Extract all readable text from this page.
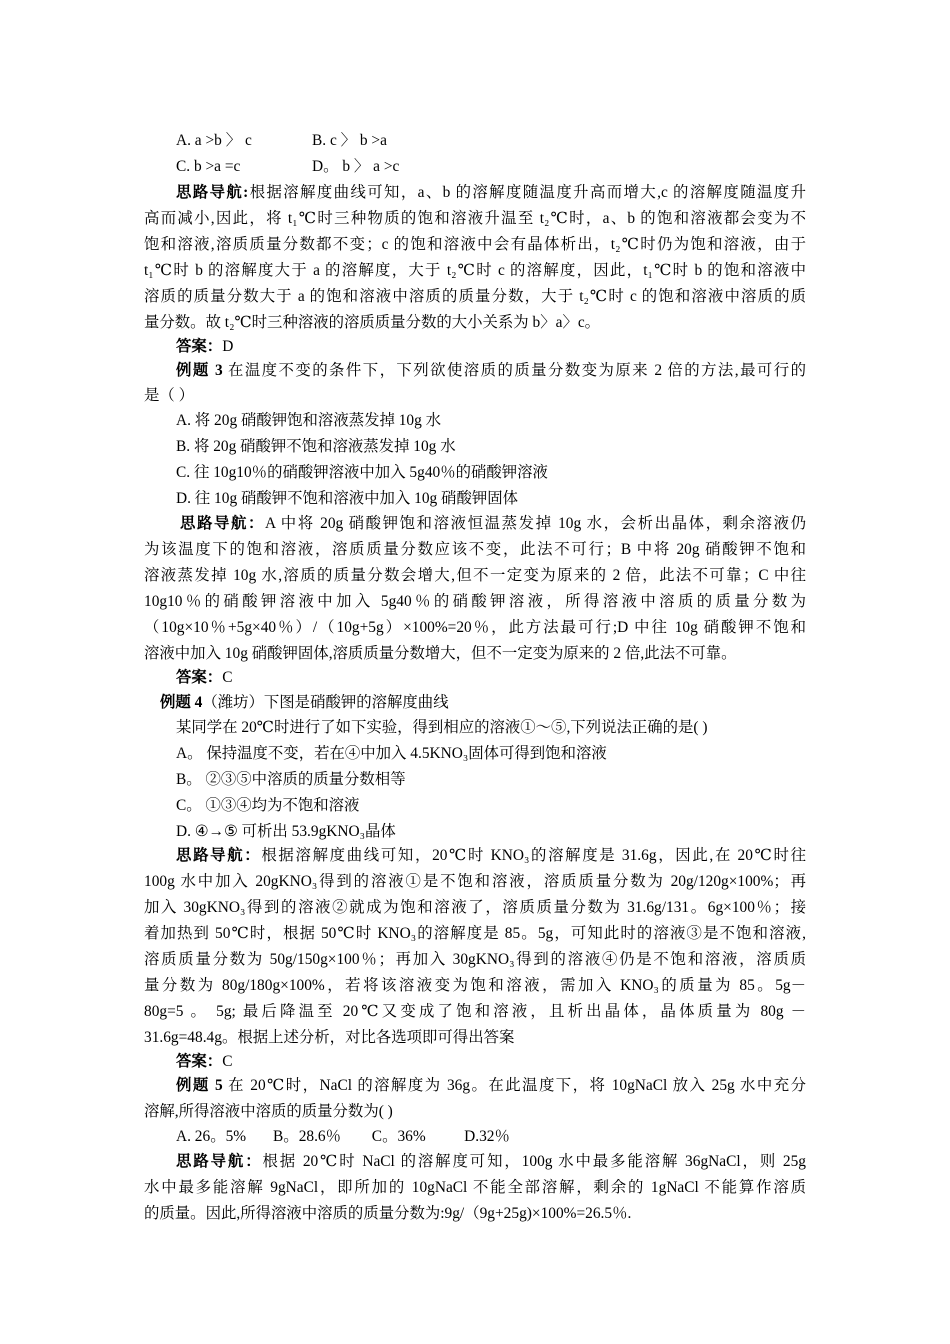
A. a >b 〉 c	B. c 〉 b >a
C. b >a =c	D。 b 〉 a >c
思路导航:根据溶解度曲线可知，a、b 的溶解度随温度升高而增大,c 的溶解度随温度升
高而减小,因此，将 t₁℃时三种物质的饱和溶液升温至 t₂℃时，a、b 的饱和溶液都会变为不
饱和溶液,溶质质量分数都不变；c 的饱和溶液中会有晶体析出，t₂℃时仍为饱和溶液，由于
t₁℃时 b 的溶解度大于 a 的溶解度，大于 t₂℃时 c 的溶解度，因此，t₁℃时 b 的饱和溶液中
溶质的质量分数大于 a 的饱和溶液中溶质的质量分数，大于 t₂℃时 c 的饱和溶液中溶质的质
量分数。故 t₂℃时三种溶液的溶质质量分数的大小关系为 b〉a〉c。
答案：D
例题 3 在温度不变的条件下，下列欲使溶质的质量分数变为原来 2 倍的方法,最可行的
是（ ）
A. 将 20g 硝酸钾饱和溶液蒸发掉 10g 水
B. 将 20g 硝酸钾不饱和溶液蒸发掉 10g 水
C. 往 10g10％的硝酸钾溶液中加入 5g40％的硝酸钾溶液
D. 往 10g 硝酸钾不饱和溶液中加入 10g 硝酸钾固体
思路导航：A 中将 20g 硝酸钾饱和溶液恒温蒸发掉 10g 水，会析出晶体，剩余溶液仍
为该温度下的饱和溶液，溶质质量分数应该不变，此法不可行；B 中将 20g 硝酸钾不饱和
溶液蒸发掉 10g 水,溶质的质量分数会增大,但不一定变为原来的 2 倍，此法不可靠；C 中往
10g10％的硝酸钾溶液中加入 5g40％的硝酸钾溶液，所得溶液中溶质的质量分数为
（10g×10％+5g×40％）/（10g+5g）×100%=20％，此方法最可行;D 中往 10g 硝酸钾不饱和
溶液中加入 10g 硝酸钾固体,溶质质量分数增大，但不一定变为原来的 2 倍,此法不可靠。
答案：C
例题 4（潍坊）下图是硝酸钾的溶解度曲线
某同学在 20℃时进行了如下实验，得到相应的溶液①～⑤,下列说法正确的是( )
A。 保持温度不变，若在④中加入 4.5KNO₃固体可得到饱和溶液
B。 ②③⑤中溶质的质量分数相等
C。 ①③④均为不饱和溶液
D. ④→⑤ 可析出 53.9gKNO₃晶体
思路导航：根据溶解度曲线可知，20℃时 KNO₃的溶解度是 31.6g，因此,在 20℃时往
100g 水中加入 20gKNO₃得到的溶液①是不饱和溶液，溶质质量分数为 20g/120g×100%；再
加入 30gKNO₃得到的溶液②就成为饱和溶液了，溶质质量分数为 31.6g/131。6g×100％；接
着加热到 50℃时，根据 50℃时 KNO₃的溶解度是 85。5g，可知此时的溶液③是不饱和溶液,
溶质质量分数为 50g/150g×100％；再加入 30gKNO₃得到的溶液④仍是不饱和溶液，溶质质
量分数为 80g/180g×100%，若将该溶液变为饱和溶液，需加入 KNO₃的质量为 85。5g－
80g=5 。 5g; 最后降温至 20℃又变成了饱和溶液，且析出晶体，晶体质量为 80g －
31.6g=48.4g。根据上述分析，对比各选项即可得出答案
答案：C
例题 5 在 20℃时，NaCl 的溶解度为 36g。在此温度下，将 10gNaCl 放入 25g 水中充分
溶解,所得溶液中溶质的质量分数为( )
A. 26。5%       B。28.6％        C。36%          D.32％
思路导航：根据 20℃时 NaCl 的溶解度可知，100g 水中最多能溶解 36gNaCl，则 25g
水中最多能溶解 9gNaCl，即所加的 10gNaCl 不能全部溶解，剩余的 1gNaCl 不能算作溶质
的质量。因此,所得溶液中溶质的质量分数为:9g/（9g+25g)×100%=26.5％.
